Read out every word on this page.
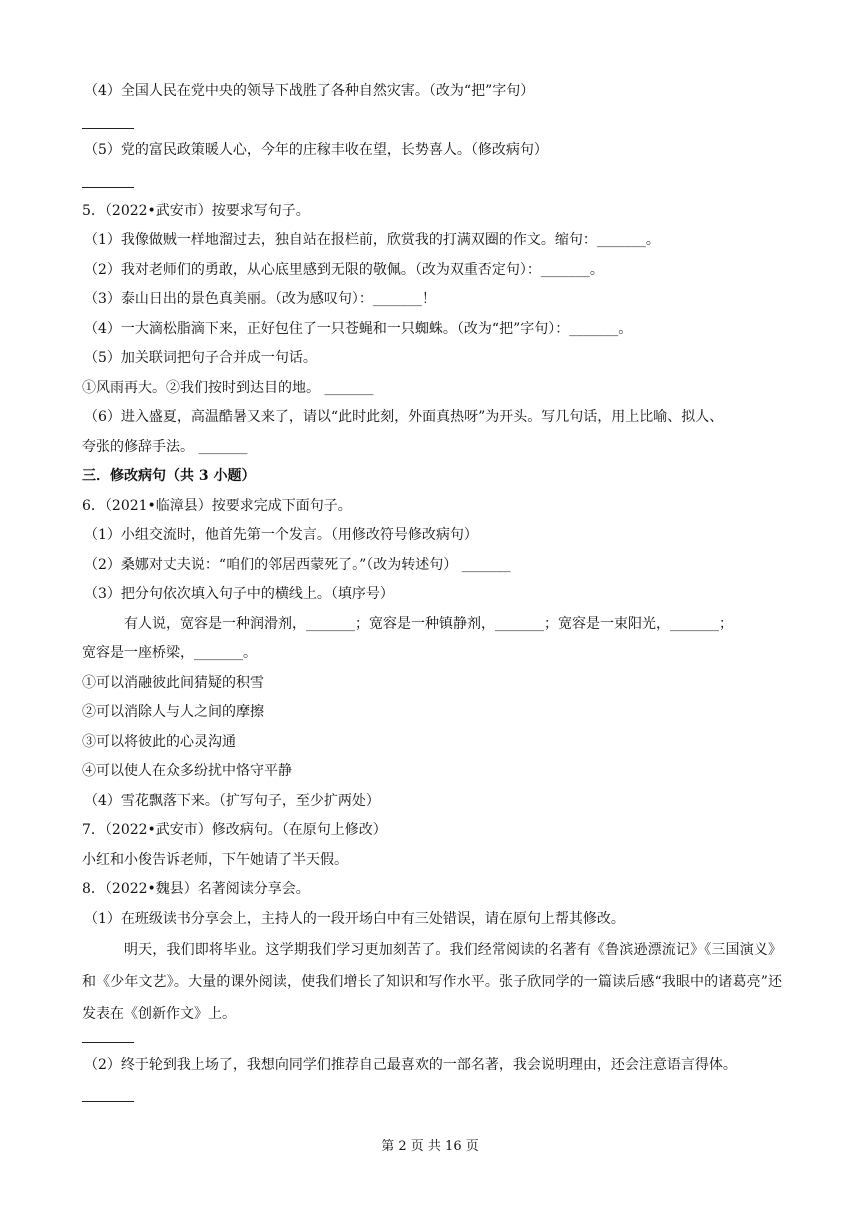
（4）全国人民在党中央的领导下战胜了各种自然灾害。（改为“把”字句）
（5）党的富民政策暖人心，今年的庄稼丰收在望，长势喜人。（修改病句）
5．（2022•武安市）按要求写句子。
（1）我像做贼一样地溜过去，独自站在报栏前，欣赏我的打满双圈的作文。缩句：_______。
（2）我对老师们的勇敢，从心底里感到无限的敬佩。（改为双重否定句）：_______。
（3）泰山日出的景色真美丽。（改为感叹句）：_______！
（4）一大滴松脂滴下来，正好包住了一只苍蝇和一只蜘蛛。（改为“把”字句）：_______。
（5）加关联词把句子合并成一句话。
①风雨再大。②我们按时到达目的地。 _______
（6）进入盛夏，高温酷暑又来了，请以“此时此刻，外面真热呀”为开头。写几句话，用上比喻、拟人、
夸张的修辞手法。 _______
三．修改病句（共 3 小题）
6．（2021•临漳县）按要求完成下面句子。
（1）小组交流时，他首先第一个发言。（用修改符号修改病句）
（2）桑娜对丈夫说：“咱们的邻居西蒙死了。”（改为转述句） _______
（3）把分句依次填入句子中的横线上。（填序号）
有人说，宽容是一种润滑剂，_______；宽容是一种镇静剂，_______；宽容是一束阳光，_______；
宽容是一座桥梁，_______。
①可以消融彼此间猜疑的积雪
②可以消除人与人之间的摩擦
③可以将彼此的心灵沟通
④可以使人在众多纷扰中恪守平静
（4）雪花飘落下来。（扩写句子，至少扩两处）
7．（2022•武安市）修改病句。（在原句上修改）
小红和小俊告诉老师，下午她请了半天假。
8．（2022•魏县）名著阅读分享会。
（1）在班级读书分享会上，主持人的一段开场白中有三处错误，请在原句上帮其修改。
明天，我们即将毕业。这学期我们学习更加刻苦了。我们经常阅读的名著有《鲁滨逊漂流记》《三国演义》和《少年文艺》。大量的课外阅读，使我们增长了知识和写作水平。张子欣同学的一篇读后感“我眼中的诸葛亮”还发表在《创新作文》上。
（2）终于轮到我上场了，我想向同学们推荐自己最喜欢的一部名著，我会说明理由，还会注意语言得体。
第 2 页 共 16 页
